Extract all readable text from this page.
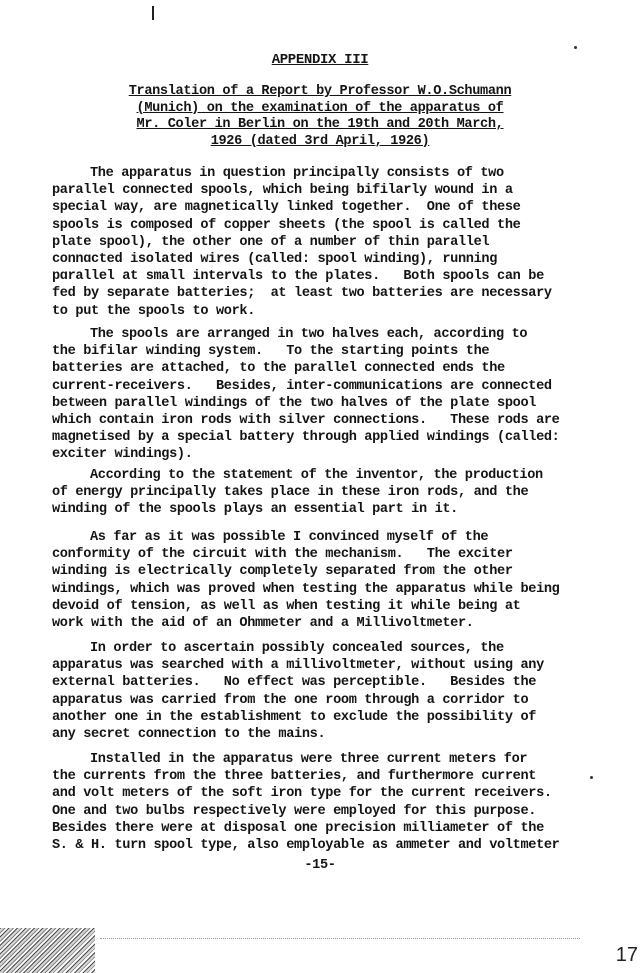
APPENDIX III
Translation of a Report by Professor W.O.Schumann
(Munich) on the examination of the apparatus of
Mr. Coler in Berlin on the 19th and 20th March,
1926 (dated 3rd April, 1926)
The apparatus in question principally consists of two
parallel connected spools, which being bifilarly wound in a
special way, are magnetically linked together.  One of these
spools is composed of copper sheets (the spool is called the
plate spool), the other one of a number of thin parallel
connɑcted isolated wires (called: spool winding), running
pɑrallel at small intervals to the plates.   Both spools can be
fed by separate batteries;  at least two batteries are necessary
to put the spools to work.
The spools are arranged in two halves each, according to
the bifilar winding system.   To the starting points the
batteries are attached, to the parallel connected ends the
current-receivers.   Besides, inter-communications are connected
between parallel windings of the two halves of the plate spool
which contain iron rods with silver connections.   These rods are
magnetised by a special battery through applied windings (called:
exciter windings).
According to the statement of the inventor, the production
of energy principally takes place in these iron rods, and the
winding of the spools plays an essential part in it.
As far as it was possible I convinced myself of the
conformity of the circuit with the mechanism.   The exciter
winding is electrically completely separated from the other
windings, which was proved when testing the apparatus while being
devoid of tension, as well as when testing it while being at
work with the aid of an Ohmmeter and a Millivoltmeter.
In order to ascertain possibly concealed sources, the
apparatus was searched with a millivoltmeter, without using any
external batteries.   No effect was perceptible.   Besides the
apparatus was carried from the one room through a corridor to
another one in the establishment to exclude the possibility of
any secret connection to the mains.
Installed in the apparatus were three current meters for
the currents from the three batteries, and furthermore current
and volt meters of the soft iron type for the current receivers.
One and two bulbs respectively were employed for this purpose.
Besides there were at disposal one precision milliameter of the
S. & H. turn spool type, also employable as ammeter and voltmeter
-15-
17
